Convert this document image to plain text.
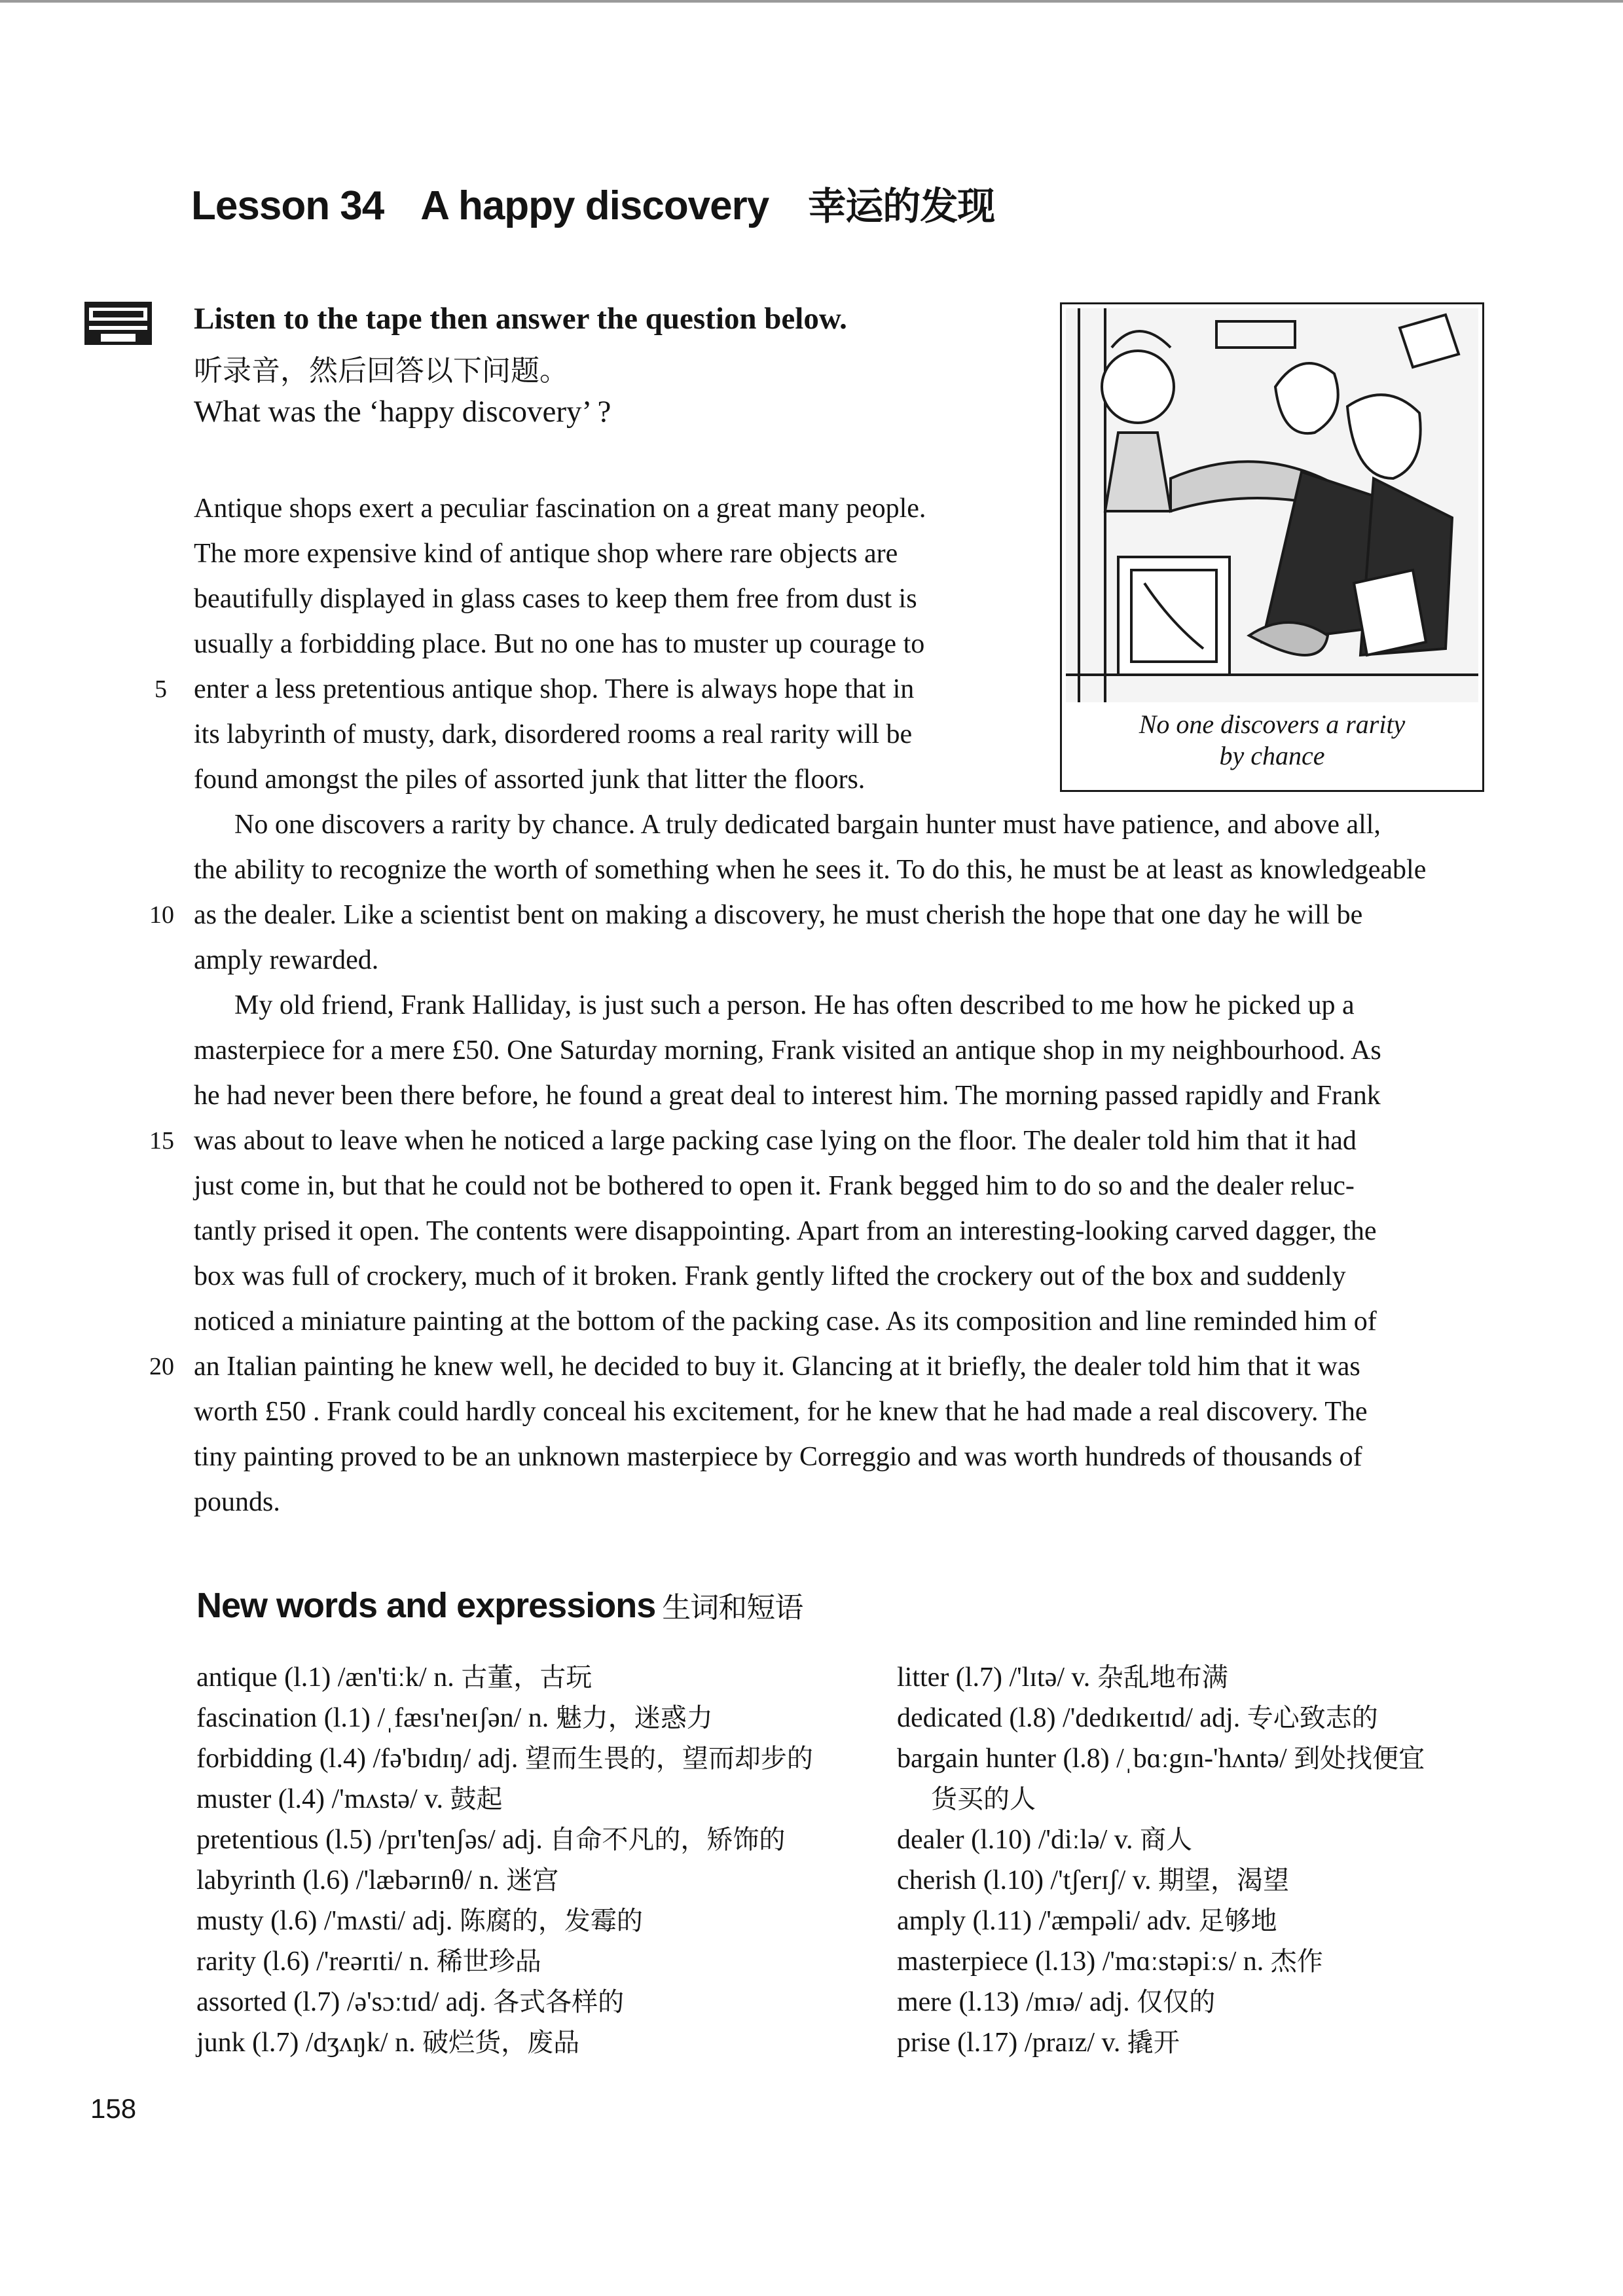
Lesson 34 A happy discovery 幸运的发现
Listen to the tape then answer the question below.
听录音，然后回答以下问题。
What was the ‘happy discovery’ ?
No one discovers a rarity
by chance
Antique shops exert a peculiar fascination on a great many people.
The more expensive kind of antique shop where rare objects are
beautifully displayed in glass cases to keep them free from dust is
usually a forbidding place. But no one has to muster up courage to
enter a less pretentious antique shop. There is always hope that in
its labyrinth of musty, dark, disordered rooms a real rarity will be
found amongst the piles of assorted junk that litter the floors.
No one discovers a rarity by chance. A truly dedicated bargain hunter must have patience, and above all,
the ability to recognize the worth of something when he sees it. To do this, he must be at least as knowledgeable
as the dealer. Like a scientist bent on making a discovery, he must cherish the hope that one day he will be
amply rewarded.
My old friend, Frank Halliday, is just such a person. He has often described to me how he picked up a
masterpiece for a mere £50. One Saturday morning, Frank visited an antique shop in my neighbourhood. As
he had never been there before, he found a great deal to interest him. The morning passed rapidly and Frank
was about to leave when he noticed a large packing case lying on the floor. The dealer told him that it had
just come in, but that he could not be bothered to open it. Frank begged him to do so and the dealer reluc-
tantly prised it open. The contents were disappointing. Apart from an interesting-looking carved dagger, the
box was full of crockery, much of it broken. Frank gently lifted the crockery out of the box and suddenly
noticed a miniature painting at the bottom of the packing case. As its composition and line reminded him of
an Italian painting he knew well, he decided to buy it. Glancing at it briefly, the dealer told him that it was
worth £50 . Frank could hardly conceal his excitement, for he knew that he had made a real discovery. The
tiny painting proved to be an unknown masterpiece by Correggio and was worth hundreds of thousands of
pounds.
5
10
15
20
New words and expressions 生词和短语
antique (l.1) /æn'tiːk/ n. 古董，古玩
fascination (l.1) /ˌfæsɪ'neɪʃən/ n. 魅力，迷惑力
forbidding (l.4) /fə'bɪdɪŋ/ adj. 望而生畏的，望而却步的
muster (l.4) /'mʌstə/ v. 鼓起
pretentious (l.5) /prɪ'tenʃəs/ adj. 自命不凡的，矫饰的
labyrinth (l.6) /'læbərɪnθ/ n. 迷宫
musty (l.6) /'mʌsti/ adj. 陈腐的，发霉的
rarity (l.6) /'reərɪti/ n. 稀世珍品
assorted (l.7) /ə'sɔːtɪd/ adj. 各式各样的
junk (l.7) /dʒʌŋk/ n. 破烂货，废品
litter (l.7) /'lɪtə/ v. 杂乱地布满
dedicated (l.8) /'dedɪkeɪtɪd/ adj. 专心致志的
bargain hunter (l.8) /ˌbɑːgɪn-'hʌntə/ 到处找便宜
货买的人
dealer (l.10) /'diːlə/ v. 商人
cherish (l.10) /'tʃerɪʃ/ v. 期望，渴望
amply (l.11) /'æmpəli/ adv. 足够地
masterpiece (l.13) /'mɑːstəpiːs/ n. 杰作
mere (l.13) /mɪə/ adj. 仅仅的
prise (l.17) /praɪz/ v. 撬开
158
